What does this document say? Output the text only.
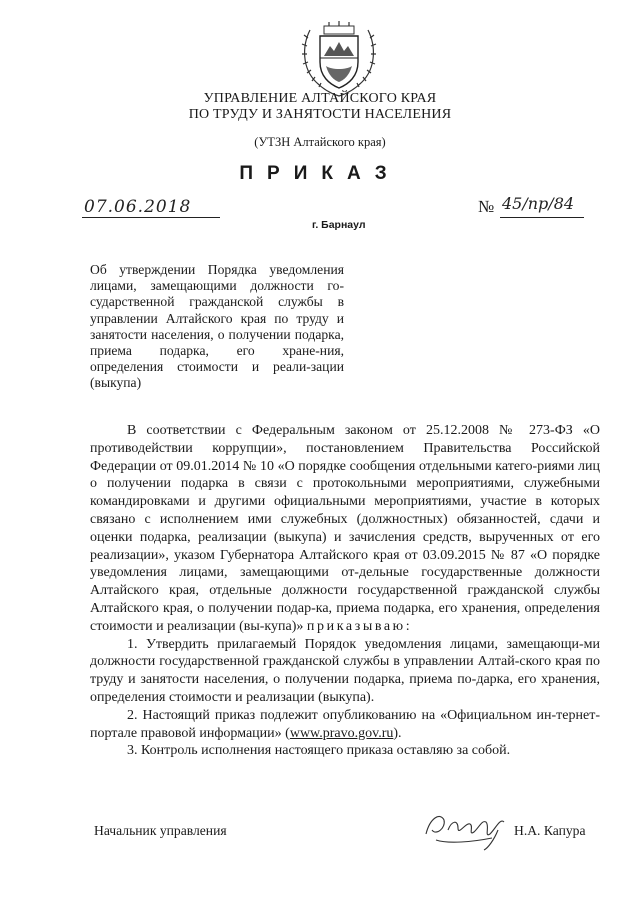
УПРАВЛЕНИЕ АЛТАЙСКОГО КРАЯ
ПО ТРУДУ И ЗАНЯТОСТИ НАСЕЛЕНИЯ
(УТЗН Алтайского края)
ПРИКАЗ
07.06.2018	№ 45/пр/84
г. Барнаул
Об утверждении Порядка уведомления лицами, замещающими должности го-сударственной гражданской службы в управлении Алтайского края по труду и занятости населения, о получении подарка, приема подарка, его хране-ния, определения стоимости и реали-зации (выкупа)

В соответствии с Федеральным законом от 25.12.2008 № 273-ФЗ «О противодействии коррупции», постановлением Правительства Российской Федерации от 09.01.2014 № 10 «О порядке сообщения отдельными катего-риями лиц о получении подарка в связи с протокольными мероприятиями, служебными командировками и другими официальными мероприятиями, участие в которых связано с исполнением ими служебных (должностных) обязанностей, сдачи и оценки подарка, реализации (выкупа) и зачисления средств, вырученных от его реализации», указом Губернатора Алтайского края от 03.09.2015 № 87 «О порядке уведомления лицами, замещающими от-дельные государственные должности Алтайского края, отдельные должности государственной гражданской службы Алтайского края, о получении подар-ка, приема подарка, его хранения, определения стоимости и реализации (вы-купа)» приказываю:

1. Утвердить прилагаемый Порядок уведомления лицами, замещающи-ми должности государственной гражданской службы в управлении Алтай-ского края по труду и занятости населения, о получении подарка, приема по-дарка, его хранения, определения стоимости и реализации (выкупа).

2. Настоящий приказ подлежит опубликованию на «Официальном ин-тернет-портале правовой информации» (www.pravo.gov.ru).

3. Контроль исполнения настоящего приказа оставляю за собой.

Начальник управления	Н.А. Капура
